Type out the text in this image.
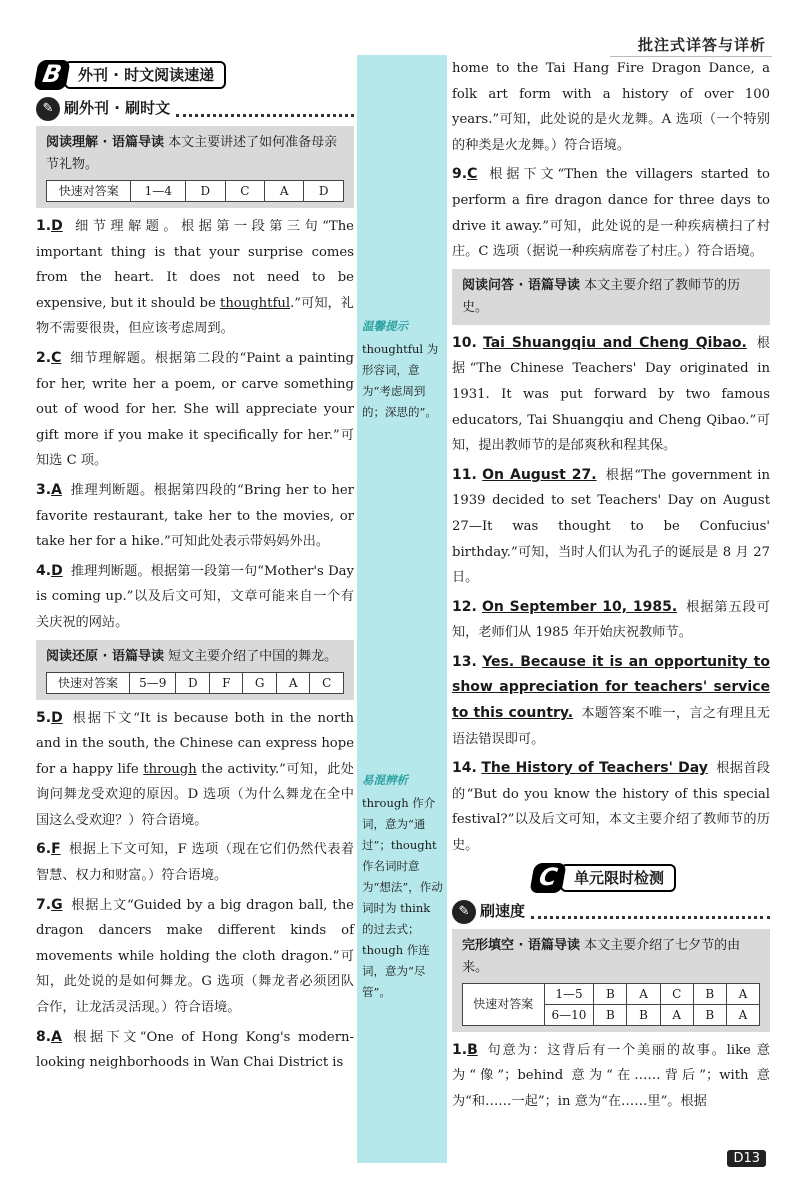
批注式详答与详析
B 外刊 · 时文阅读速递
✎ 刷外刊 · 刷时文
阅读理解 · 语篇导读 本文主要讲述了如何准备母亲节礼物。
快速对答案	1—4	D	C	A	D

1.D 细节理解题。根据第一段第三句“The important thing is that your surprise comes from the heart. It does not need to be expensive, but it should be thoughtful.”可知，礼物不需要很贵，但应该考虑周到。

2.C 细节理解题。根据第二段的“Paint a painting for her, write her a poem, or carve something out of wood for her. She will appreciate your gift more if you make it specifically for her.”可知选 C 项。

3.A 推理判断题。根据第四段的“Bring her to her favorite restaurant, take her to the movies, or take her for a hike.”可知此处表示带妈妈外出。

4.D 推理判断题。根据第一段第一句“Mother's Day is coming up.”以及后文可知，文章可能来自一个有关庆祝的网站。

阅读还原 · 语篇导读 短文主要介绍了中国的舞龙。
快速对答案	5—9	D	F	G	A	C

5.D 根据下文“It is because both in the north and in the south, the Chinese can express hope for a happy life through the activity.”可知，此处询问舞龙受欢迎的原因。D 选项（为什么舞龙在全中国这么受欢迎？）符合语境。

6.F 根据上下文可知，F 选项（现在它们仍然代表着智慧、权力和财富。）符合语境。

7.G 根据上文“Guided by a big dragon ball, the dragon dancers make different kinds of movements while holding the cloth dragon.”可知，此处说的是如何舞龙。G 选项（舞龙者必须团队合作，让龙活灵活现。）符合语境。

8.A 根据下文“One of Hong Kong's modern-looking neighborhoods in Wan Chai District is

温馨提示
thoughtful 为形容词，意为“考虑周到的；深思的”。
易混辨析
through 作介词，意为“通过”；thought 作名词时意为“想法”，作动词时为 think 的过去式；though 作连词，意为“尽管”。

home to the Tai Hang Fire Dragon Dance, a folk art form with a history of over 100 years.”可知，此处说的是火龙舞。A 选项（一个特别的种类是火龙舞。）符合语境。

9.C 根据下文“Then the villagers started to perform a fire dragon dance for three days to drive it away.”可知，此处说的是一种疾病横扫了村庄。C 选项（据说一种疾病席卷了村庄。）符合语境。

阅读问答 · 语篇导读 本文主要介绍了教师节的历史。

10. Tai Shuangqiu and Cheng Qibao. 根据“The Chinese Teachers' Day originated in 1931. It was put forward by two famous educators, Tai Shuangqiu and Cheng Qibao.”可知，提出教师节的是邰爽秋和程其保。

11. On August 27. 根据“The government in 1939 decided to set Teachers' Day on August 27—It was thought to be Confucius' birthday.”可知，当时人们认为孔子的诞辰是 8 月 27 日。

12. On September 10, 1985. 根据第五段可知，老师们从 1985 年开始庆祝教师节。

13. Yes. Because it is an opportunity to show appreciation for teachers' service to this country. 本题答案不唯一，言之有理且无语法错误即可。

14. The History of Teachers' Day 根据首段的“But do you know the history of this special festival?”以及后文可知，本文主要介绍了教师节的历史。

C 单元限时检测
✎ 刷速度
完形填空 · 语篇导读 本文主要介绍了七夕节的由来。
快速对答案	1—5	B	A	C	B	A
	6—10	B	B	A	B	A

1.B 句意为：这背后有一个美丽的故事。like 意为“像”；behind 意为“在……背后”；with 意为“和……一起”；in 意为“在……里”。根据

D13
